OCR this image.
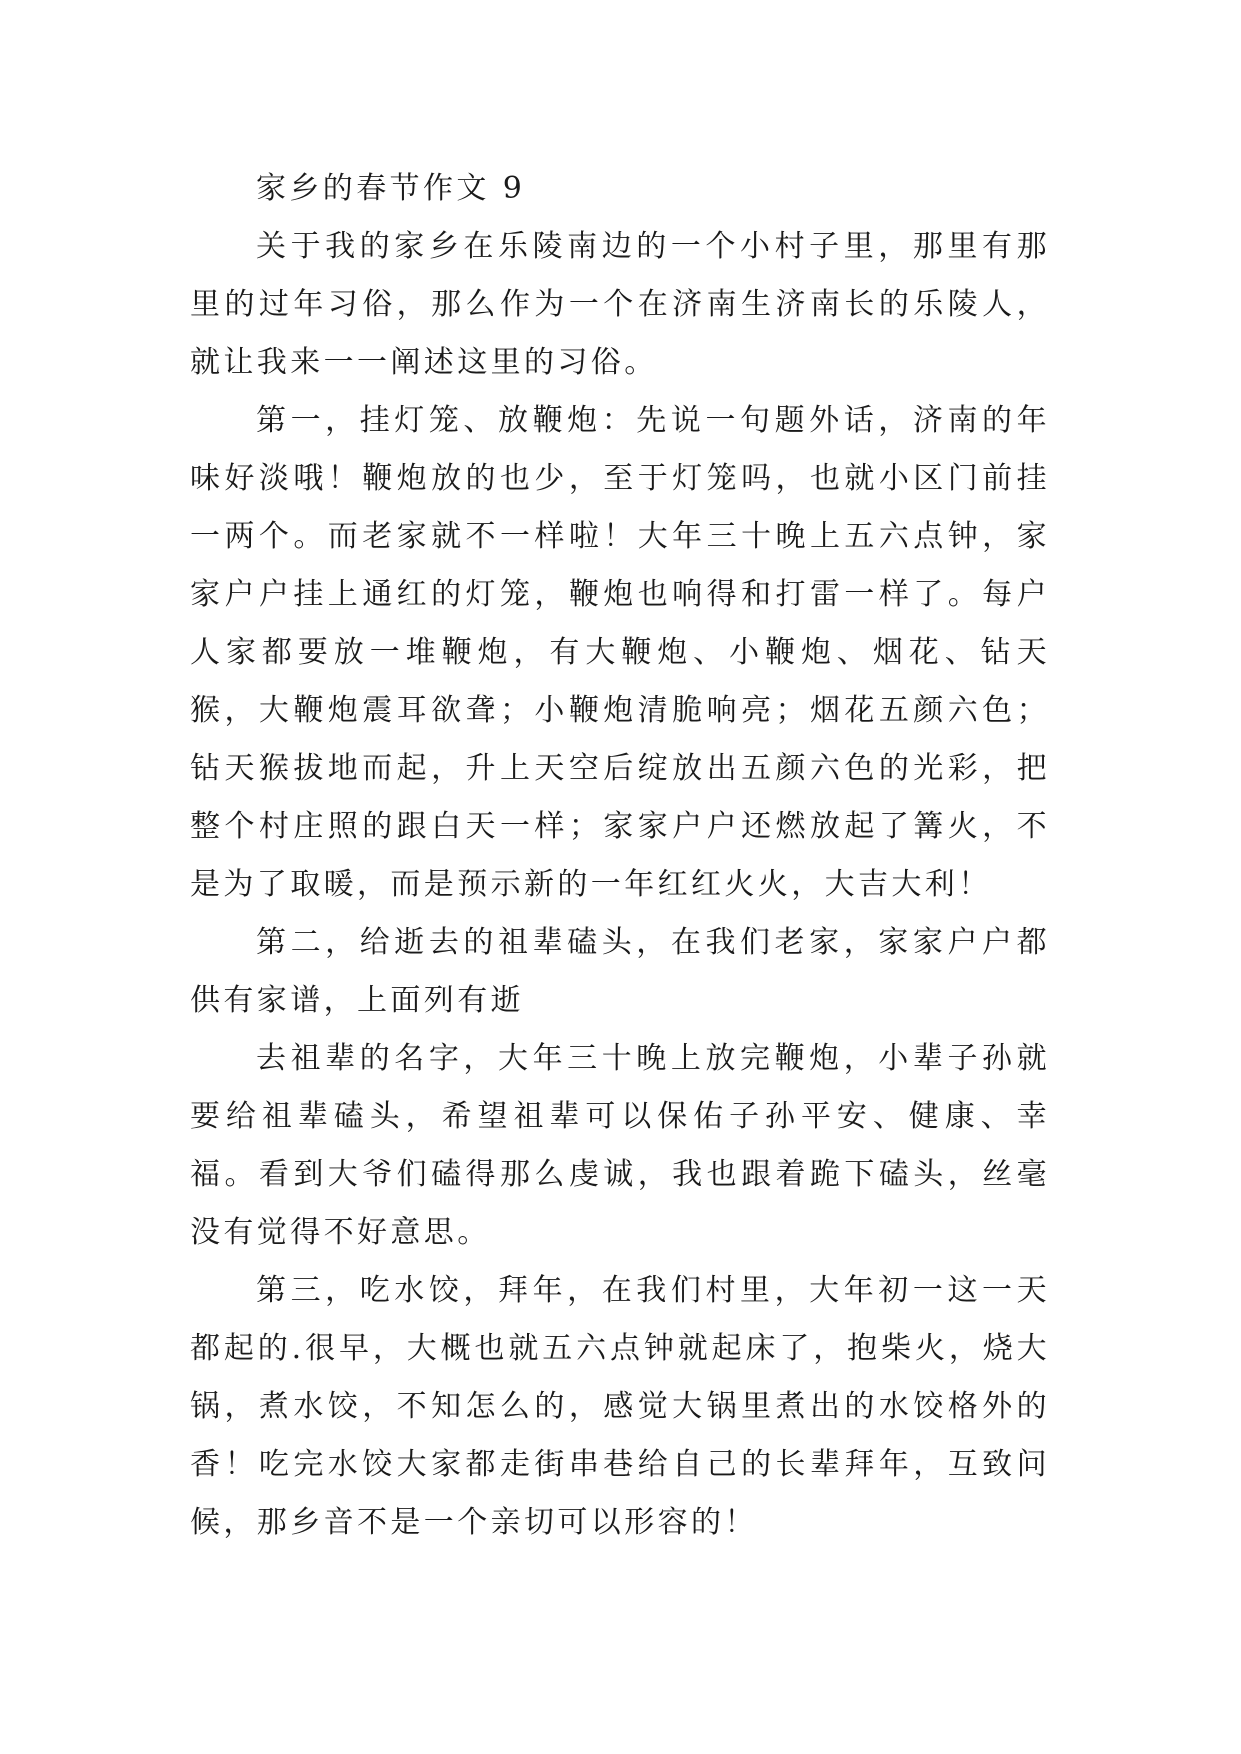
家乡的春节作文 9

关于我的家乡在乐陵南边的一个小村子里，那里有那里的过年习俗，那么作为一个在济南生济南长的乐陵人，就让我来一一阐述这里的习俗。

第一，挂灯笼、放鞭炮：先说一句题外话，济南的年味好淡哦！鞭炮放的也少，至于灯笼吗，也就小区门前挂一两个。而老家就不一样啦！大年三十晚上五六点钟，家家户户挂上通红的灯笼，鞭炮也响得和打雷一样了。每户人家都要放一堆鞭炮，有大鞭炮、小鞭炮、烟花、钻天猴，大鞭炮震耳欲聋；小鞭炮清脆响亮；烟花五颜六色；钻天猴拔地而起，升上天空后绽放出五颜六色的光彩，把整个村庄照的跟白天一样；家家户户还燃放起了篝火，不是为了取暖，而是预示新的一年红红火火，大吉大利！

第二，给逝去的祖辈磕头，在我们老家，家家户户都供有家谱，上面列有逝

去祖辈的名字，大年三十晚上放完鞭炮，小辈子孙就要给祖辈磕头，希望祖辈可以保佑子孙平安、健康、幸福。看到大爷们磕得那么虔诚，我也跟着跪下磕头，丝毫没有觉得不好意思。

第三，吃水饺，拜年，在我们村里，大年初一这一天都起的.很早，大概也就五六点钟就起床了，抱柴火，烧大锅，煮水饺，不知怎么的，感觉大锅里煮出的水饺格外的香！吃完水饺大家都走街串巷给自己的长辈拜年，互致问候，那乡音不是一个亲切可以形容的！
